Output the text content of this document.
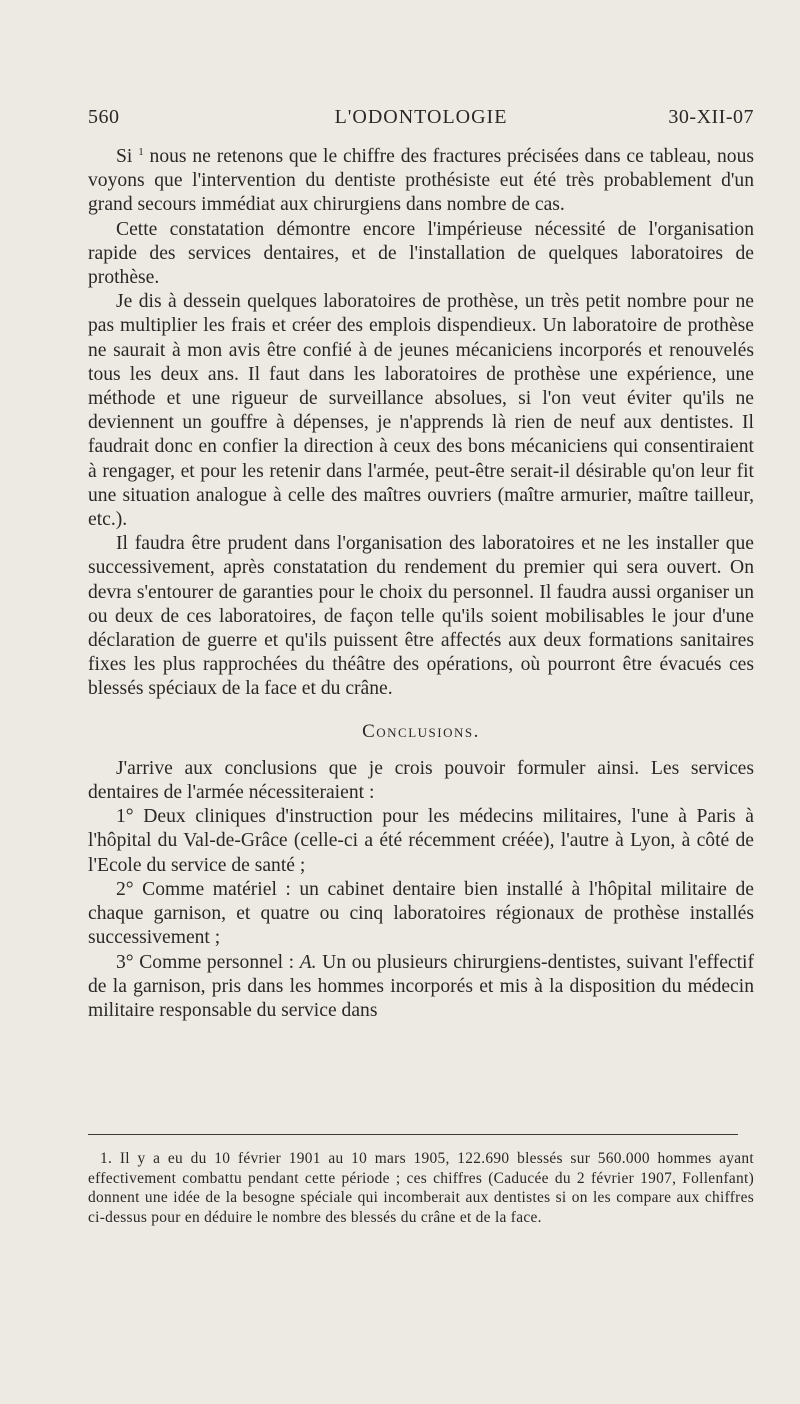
560	L'ODONTOLOGIE	30-XII-07

Si $^1$ nous ne retenons que le chiffre des fractures précisées dans ce tableau, nous voyons que l'intervention du dentiste prothésiste eut été très probablement d'un grand secours immédiat aux chirurgiens dans nombre de cas.

Cette constatation démontre encore l'impérieuse nécessité de l'organisation rapide des services dentaires, et de l'installation de quelques laboratoires de prothèse.

Je dis à dessein quelques laboratoires de prothèse, un très petit nombre pour ne pas multiplier les frais et créer des emplois dispendieux. Un laboratoire de prothèse ne saurait à mon avis être confié à de jeunes mécaniciens incorporés et renouvelés tous les deux ans. Il faut dans les laboratoires de prothèse une expérience, une méthode et une rigueur de surveillance absolues, si l'on veut éviter qu'ils ne deviennent un gouffre à dépenses, je n'apprends là rien de neuf aux dentistes. Il faudrait donc en confier la direction à ceux des bons mécaniciens qui consentiraient à rengager, et pour les retenir dans l'armée, peut-être serait-il désirable qu'on leur fit une situation analogue à celle des maîtres ouvriers (maître armurier, maître tailleur, etc.).

Il faudra être prudent dans l'organisation des laboratoires et ne les installer que successivement, après constatation du rendement du premier qui sera ouvert. On devra s'entourer de garanties pour le choix du personnel. Il faudra aussi organiser un ou deux de ces laboratoires, de façon telle qu'ils soient mobilisables le jour d'une déclaration de guerre et qu'ils puissent être affectés aux deux formations sanitaires fixes les plus rapprochées du théâtre des opérations, où pourront être évacués ces blessés spéciaux de la face et du crâne.

Conclusions.

J'arrive aux conclusions que je crois pouvoir formuler ainsi. Les services dentaires de l'armée nécessiteraient :

1° Deux cliniques d'instruction pour les médecins militaires, l'une à Paris à l'hôpital du Val-de-Grâce (celle-ci a été récemment créée), l'autre à Lyon, à côté de l'Ecole du service de santé ;

2° Comme matériel : un cabinet dentaire bien installé à l'hôpital militaire de chaque garnison, et quatre ou cinq laboratoires régionaux de prothèse installés successivement ;

3° Comme personnel : A. Un ou plusieurs chirurgiens-dentistes, suivant l'effectif de la garnison, pris dans les hommes incorporés et mis à la disposition du médecin militaire responsable du service dans

1. Il y a eu du 10 février 1901 au 10 mars 1905, 122.690 blessés sur 560.000 hommes ayant effectivement combattu pendant cette période ; ces chiffres (Caducée du 2 février 1907, Follenfant) donnent une idée de la besogne spéciale qui incomberait aux dentistes si on les compare aux chiffres ci-dessus pour en déduire le nombre des blessés du crâne et de la face.
